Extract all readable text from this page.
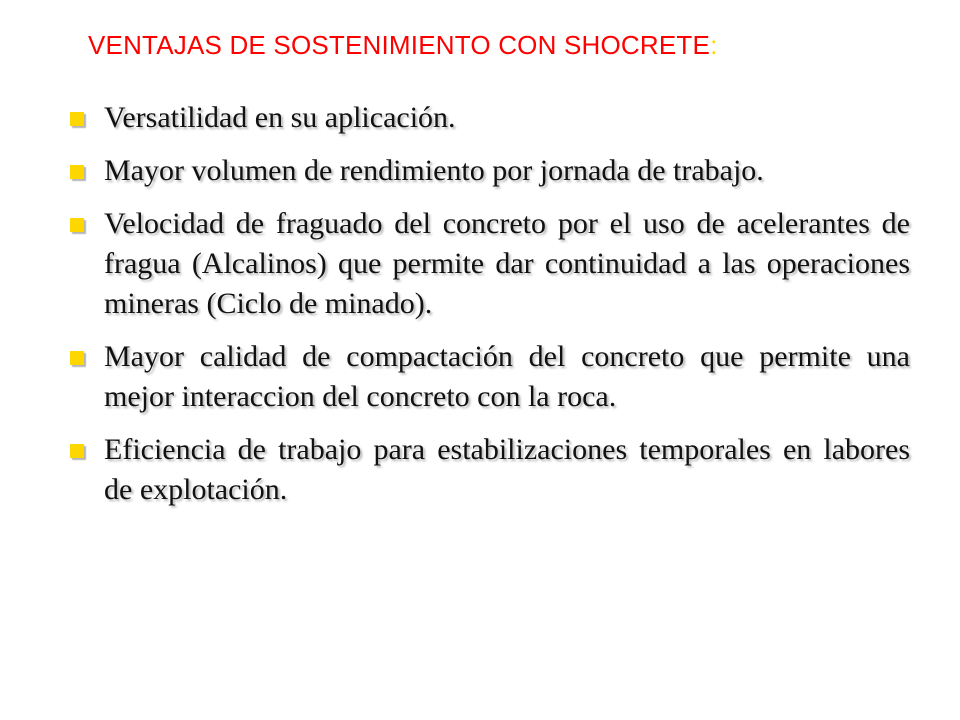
VENTAJAS DE SOSTENIMIENTO CON SHOCRETE:
Versatilidad en su aplicación.
Mayor volumen de rendimiento por jornada de trabajo.
Velocidad de fraguado del concreto por el uso de acelerantes de fragua (Alcalinos) que permite dar continuidad a las operaciones mineras (Ciclo de minado).
Mayor calidad de compactación del concreto que permite una mejor interaccion del concreto con la roca.
Eficiencia de trabajo para estabilizaciones temporales en labores de explotación.
